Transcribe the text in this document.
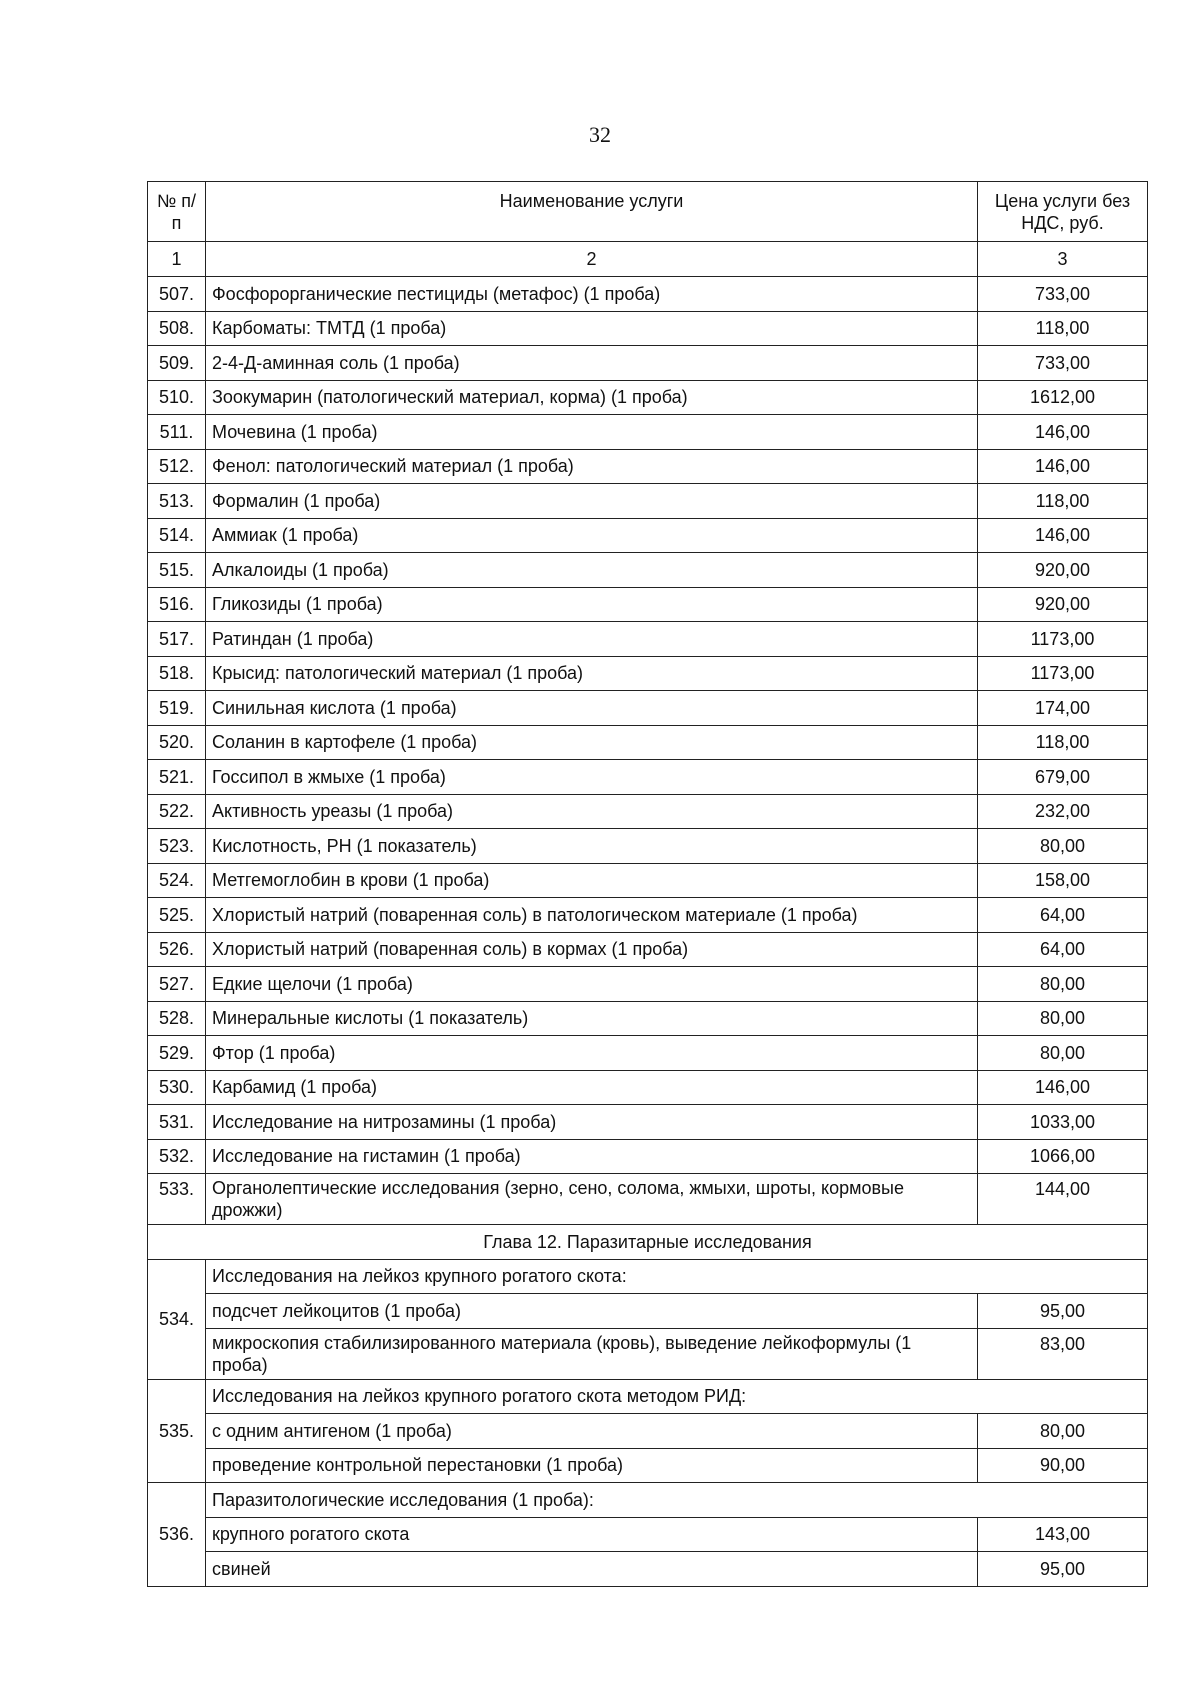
32
№ п/п	Наименование услуги	Цена услуги без НДС, руб.
1	2	3
507.	Фосфорорганические пестициды (метафос) (1 проба)	733,00
508.	Карбоматы: ТМТД (1 проба)	118,00
509.	2-4-Д-аминная соль (1 проба)	733,00
510.	Зоокумарин (патологический материал, корма) (1 проба)	1612,00
511.	Мочевина (1 проба)	146,00
512.	Фенол: патологический материал (1 проба)	146,00
513.	Формалин (1 проба)	118,00
514.	Аммиак (1 проба)	146,00
515.	Алкалоиды (1 проба)	920,00
516.	Гликозиды (1 проба)	920,00
517.	Ратиндан (1 проба)	1173,00
518.	Крысид: патологический материал (1 проба)	1173,00
519.	Синильная кислота (1 проба)	174,00
520.	Соланин в картофеле (1 проба)	118,00
521.	Госсипол в жмыхе (1 проба)	679,00
522.	Активность уреазы (1 проба)	232,00
523.	Кислотность, РН (1 показатель)	80,00
524.	Метгемоглобин в крови (1 проба)	158,00
525.	Хлористый натрий (поваренная соль) в патологическом материале (1 проба)	64,00
526.	Хлористый натрий (поваренная соль) в кормах (1 проба)	64,00
527.	Едкие щелочи (1 проба)	80,00
528.	Минеральные кислоты (1 показатель)	80,00
529.	Фтор (1 проба)	80,00
530.	Карбамид (1 проба)	146,00
531.	Исследование на нитрозамины (1 проба)	1033,00
532.	Исследование на гистамин (1 проба)	1066,00
533.	Органолептические исследования (зерно, сено, солома, жмыхи, шроты, кормовые дрожжи)	144,00
Глава 12. Паразитарные исследования		
534.	Исследования на лейкоз крупного рогатого скота:	
	подсчет лейкоцитов (1 проба)	95,00
	микроскопия стабилизированного материала (кровь), выведение лейкоформулы (1 проба)	83,00
535.	Исследования на лейкоз крупного рогатого скота методом РИД:	
	с одним антигеном (1 проба)	80,00
	проведение контрольной перестановки (1 проба)	90,00
536.	Паразитологические исследования (1 проба):	
	крупного рогатого скота	143,00
	свиней	95,00
